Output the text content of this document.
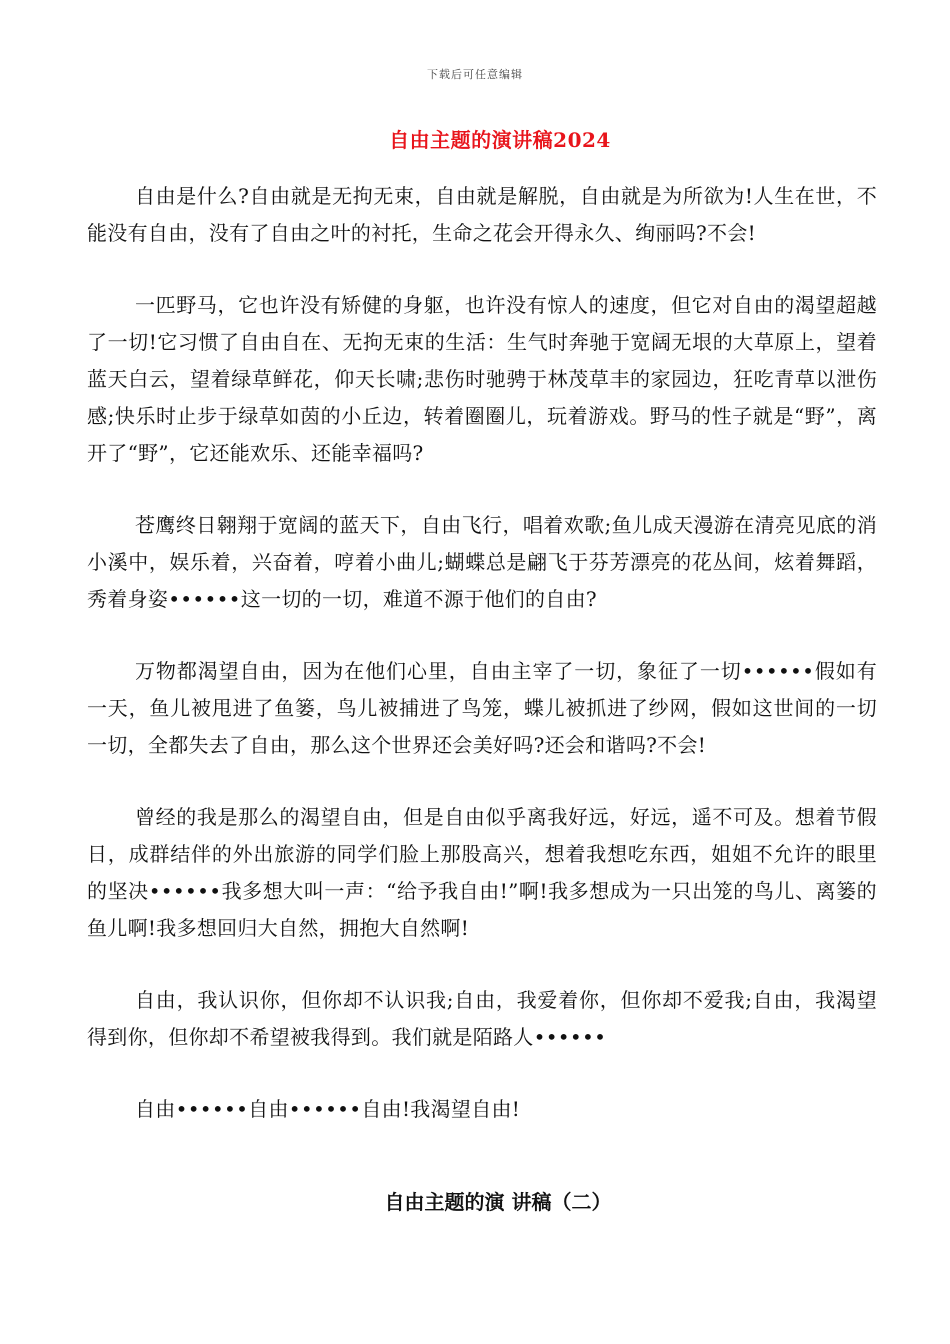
下载后可任意编辑
自由主题的演讲稿2024

自由是什么?自由就是无拘无束，自由就是解脱，自由就是为所欲为!人生在世，不能没有自由，没有了自由之叶的衬托，生命之花会开得永久、绚丽吗?不会!

一匹野马，它也许没有矫健的身躯，也许没有惊人的速度，但它对自由的渴望超越了一切!它习惯了自由自在、无拘无束的生活：生气时奔驰于宽阔无垠的大草原上，望着蓝天白云，望着绿草鲜花，仰天长啸;悲伤时驰骋于林茂草丰的家园边，狂吃青草以泄伤感;快乐时止步于绿草如茵的小丘边，转着圈圈儿，玩着游戏。野马的性子就是“野”，离开了“野”，它还能欢乐、还能幸福吗?

苍鹰终日翱翔于宽阔的蓝天下，自由飞行，唱着欢歌;鱼儿成天漫游在清亮见底的消小溪中，娱乐着，兴奋着，哼着小曲儿;蝴蝶总是翩飞于芬芳漂亮的花丛间，炫着舞蹈，秀着身姿••••••这一切的一切，难道不源于他们的自由?

万物都渴望自由，因为在他们心里，自由主宰了一切，象征了一切••••••假如有一天，鱼儿被甩进了鱼篓，鸟儿被捕进了鸟笼，蝶儿被抓进了纱网，假如这世间的一切一切，全都失去了自由，那么这个世界还会美好吗?还会和谐吗?不会!

曾经的我是那么的渴望自由，但是自由似乎离我好远，好远，遥不可及。想着节假日，成群结伴的外出旅游的同学们脸上那股高兴，想着我想吃东西，姐姐不允许的眼里的坚决••••••我多想大叫一声：“给予我自由!”啊!我多想成为一只出笼的鸟儿、离篓的鱼儿啊!我多想回归大自然，拥抱大自然啊!

自由，我认识你，但你却不认识我;自由，我爱着你，但你却不爱我;自由，我渴望得到你，但你却不希望被我得到。我们就是陌路人••••••

自由••••••自由••••••自由!我渴望自由!

自由主题的演 讲稿（二）
